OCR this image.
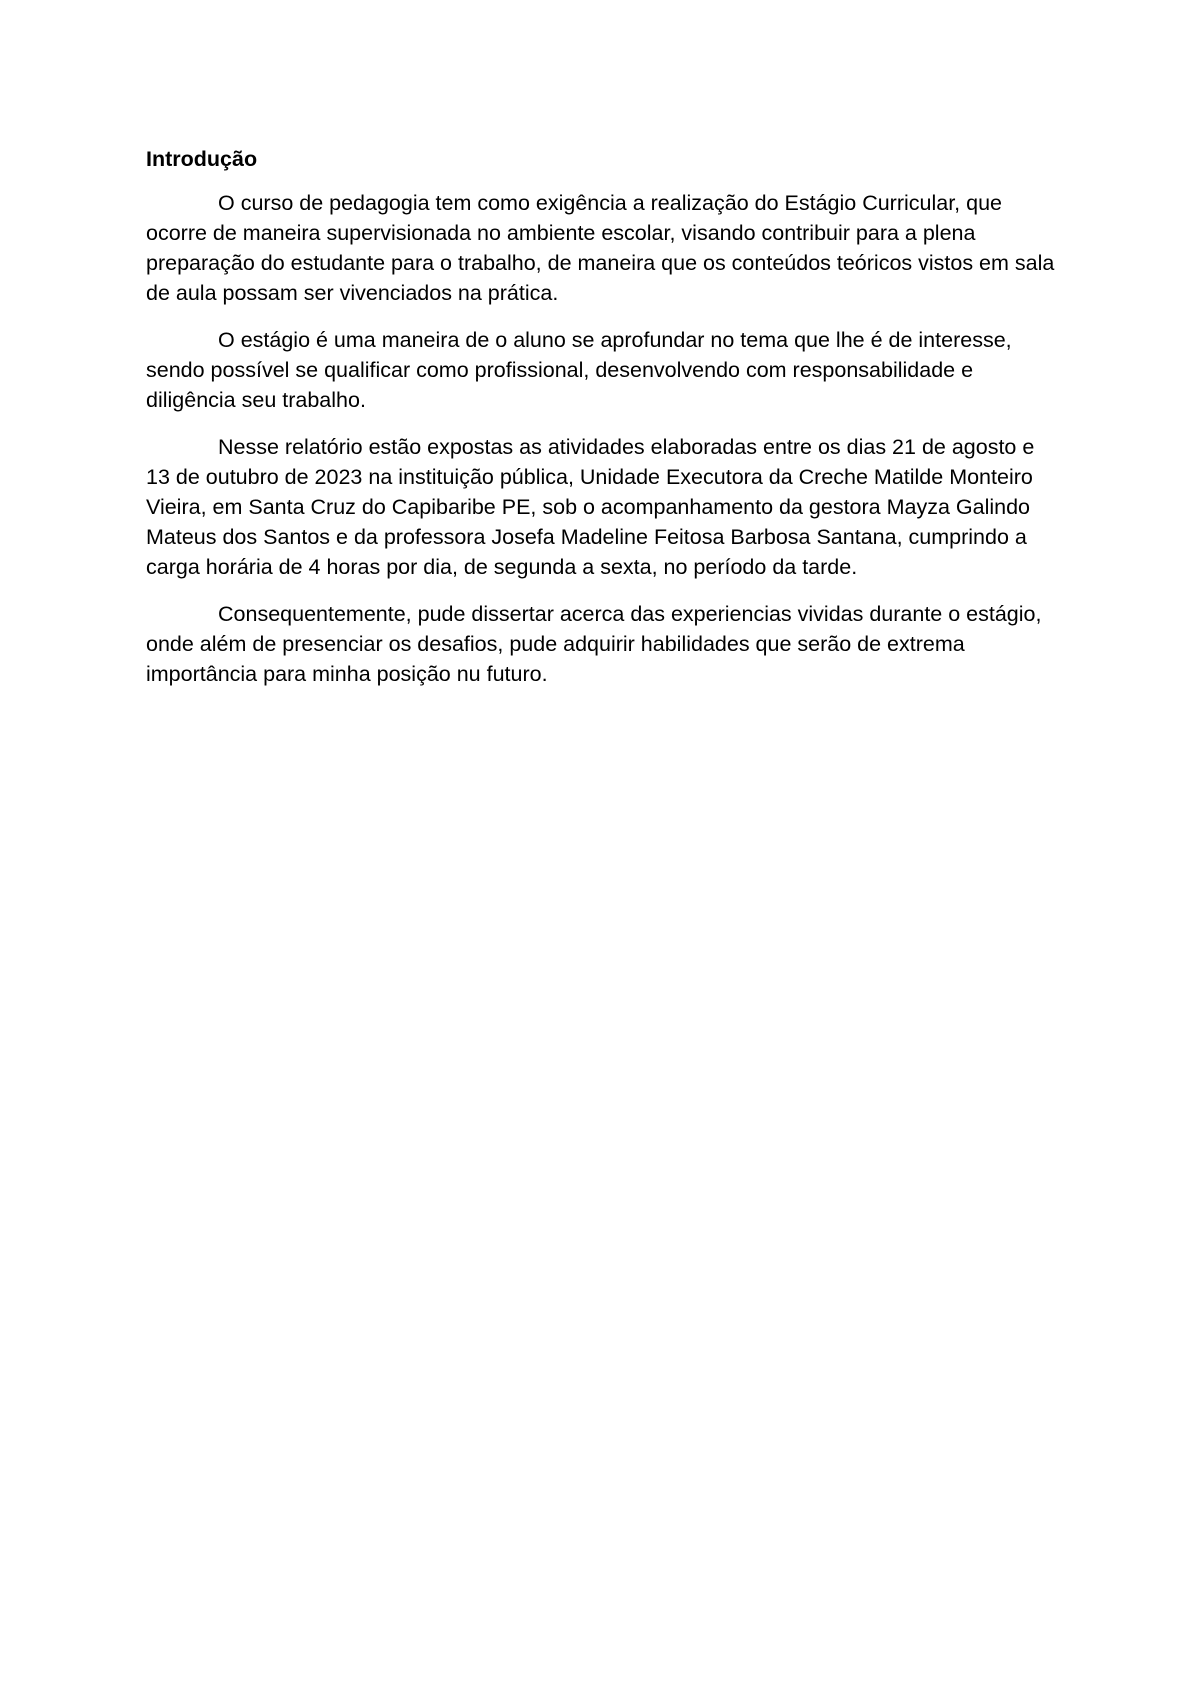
Introdução

O curso de pedagogia tem como exigência a realização do Estágio Curricular, que ocorre de maneira supervisionada no ambiente escolar, visando contribuir para a plena preparação do estudante para o trabalho, de maneira que os conteúdos teóricos vistos em sala de aula possam ser vivenciados na prática.

O estágio é uma maneira de o aluno se aprofundar no tema que lhe é de interesse, sendo possível se qualificar como profissional, desenvolvendo com responsabilidade e diligência seu trabalho.

Nesse relatório estão expostas as atividades elaboradas entre os dias 21 de agosto e 13 de outubro de 2023 na instituição pública, Unidade Executora da Creche Matilde Monteiro Vieira, em Santa Cruz do Capibaribe PE, sob o acompanhamento da gestora Mayza Galindo Mateus dos Santos e da professora Josefa Madeline Feitosa Barbosa Santana, cumprindo a carga horária de 4 horas por dia, de segunda a sexta, no período da tarde.

Consequentemente, pude dissertar acerca das experiencias vividas durante o estágio, onde além de presenciar os desafios, pude adquirir habilidades que serão de extrema importância para minha posição nu futuro.
